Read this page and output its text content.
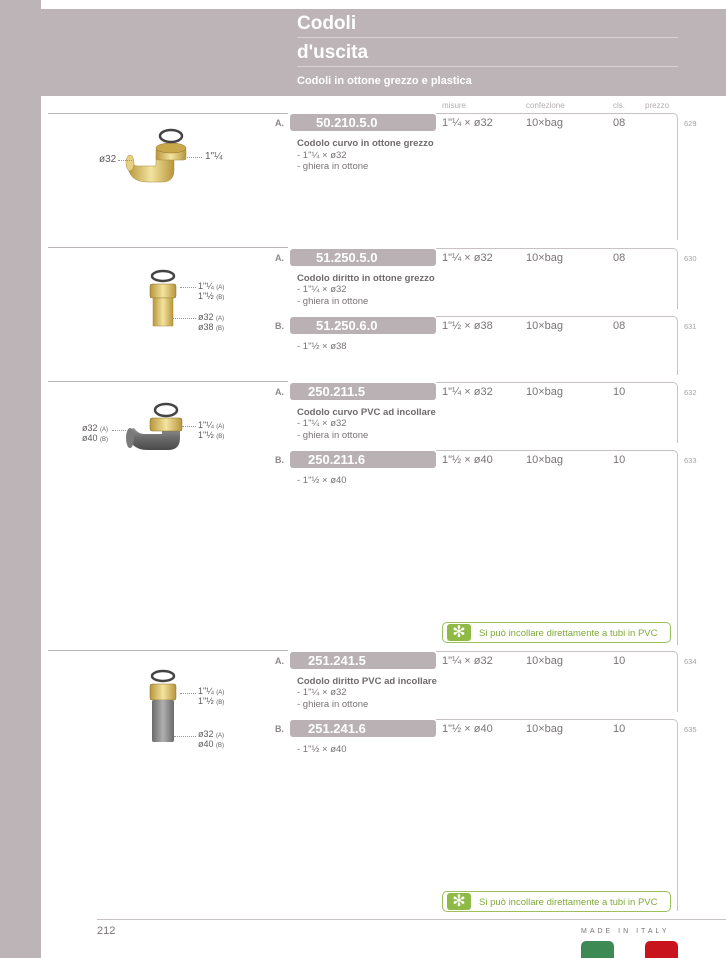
Codoli
d'uscita
Codoli in ottone grezzo e plastica
misure	confezione	cls.	prezzo
A.	50.210.5.0	1"¼ × ø32	10×bag	08	629
Codolo curvo in ottone grezzo
- 1"¼ × ø32
- ghiera in ottone
A.	51.250.5.0	1"¼ × ø32	10×bag	08	630
Codolo diritto in ottone grezzo
- 1"¼ × ø32
- ghiera in ottone
B.	51.250.6.0	1"½ × ø38	10×bag	08	631
- 1"½ × ø38
A.	250.211.5	1"¼ × ø32	10×bag	10	632
Codolo curvo PVC ad incollare
- 1"¼ × ø32
- ghiera in ottone
B.	250.211.6	1"½ × ø40	10×bag	10	633
- 1"½ × ø40
✻	Si può incollare direttamente a tubi in PVC
A.	251.241.5	1"¼ × ø32	10×bag	10	634
Codolo diritto PVC ad incollare
- 1"¼ × ø32
- ghiera in ottone
B.	251.241.6	1"½ × ø40	10×bag	10	635
- 1"½ × ø40
✻	Si può incollare direttamente a tubi in PVC
ø32	1"¼
1"¼ (A)
1"½ (B)
ø32 (A)
ø38 (B)
ø32 (A)
ø40 (B)
1"¼ (A)
1"½ (B)
1"¼ (A)
1"½ (B)
ø32 (A)
ø40 (B)
212	MADE IN ITALY
